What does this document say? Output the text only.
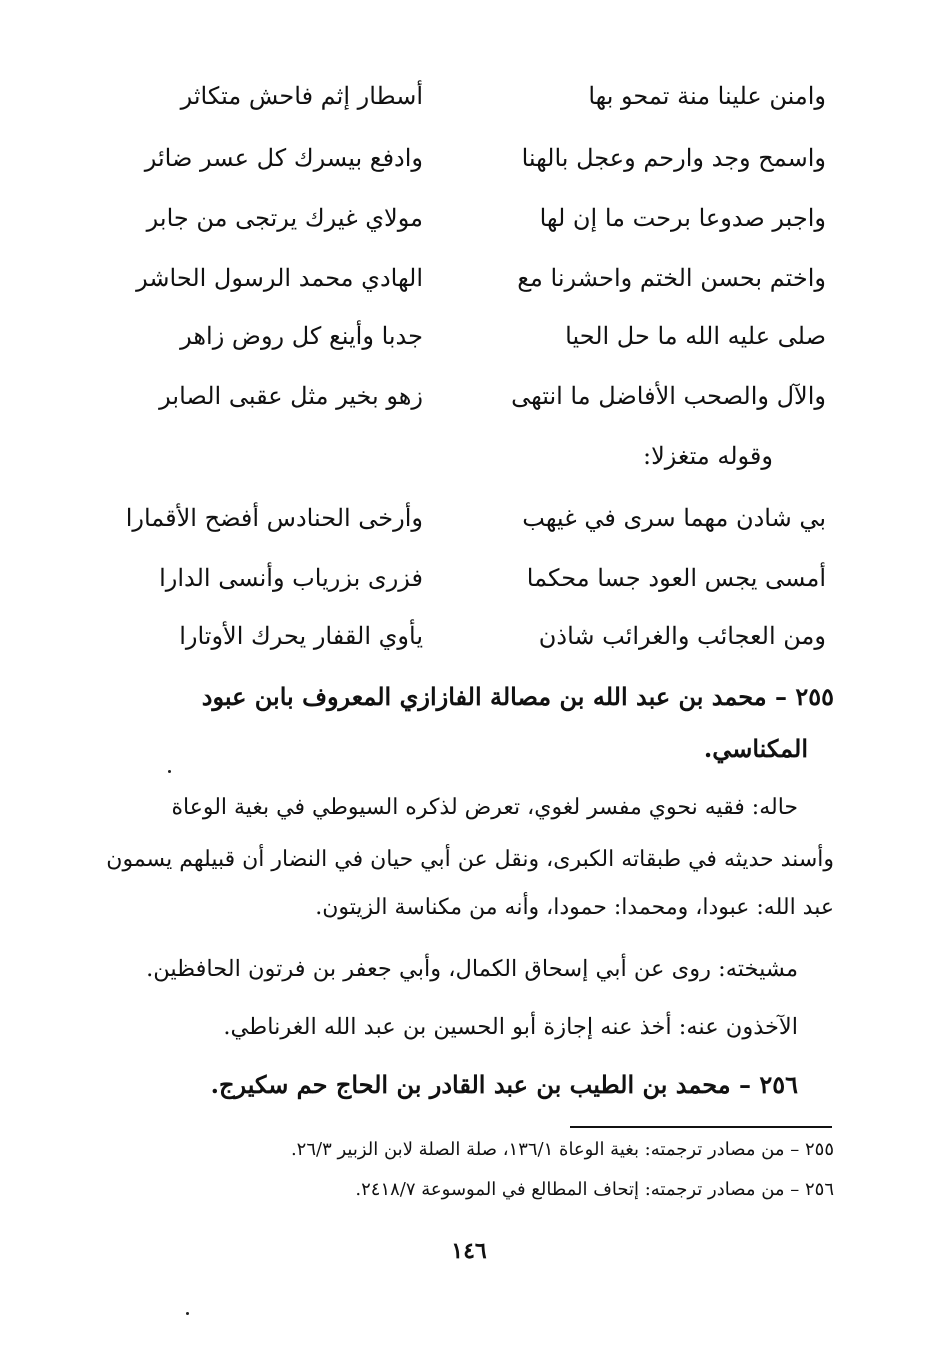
وامنن علينا منة تمحو بها
أسطار إثم فاحش متكاثر
واسمح وجد وارحم وعجل بالهنا
وادفع بيسرك كل عسر ضائر
واجبر صدوعا برحت ما إن لها
مولاي غيرك يرتجى من جابر
واختم بحسن الختم واحشرنا مع
الهادي محمد الرسول الحاشر
صلى عليه الله ما حل الحيا
جدبا وأينع كل روض زاهر
والآل والصحب الأفاضل ما انتهى
زهو بخير مثل عقبى الصابر
وقوله متغزلا:
بي شادن مهما سرى في غيهب
وأرخى الحنادس أفضح الأقمارا
أمسى يجس العود جسا محكما
فزرى بزرياب وأنسى الدارا
ومن العجائب والغرائب شاذن
يأوي القفار يحرك الأوتارا
٢٥٥ – محمد بن عبد الله بن مصالة الفازازي المعروف بابن عبود
المكناسي.
حاله: فقيه نحوي مفسر لغوي، تعرض لذكره السيوطي في بغية الوعاة
وأسند حديثه في طبقاته الكبرى، ونقل عن أبي حيان في النضار أن قبيلهم يسمون
عبد الله: عبودا، ومحمدا: حمودا، وأنه من مكناسة الزيتون.
مشيخته: روى عن أبي إسحاق الكمال، وأبي جعفر بن فرتون الحافظين.
الآخذون عنه: أخذ عنه إجازة أبو الحسين بن عبد الله الغرناطي.
٢٥٦ – محمد بن الطيب بن عبد القادر بن الحاج حم سكيرج.
٢٥٥ – من مصادر ترجمته: بغية الوعاة ١٣٦/١، صلة الصلة لابن الزبير ٢٦/٣.
٢٥٦ – من مصادر ترجمته: إتحاف المطالع في الموسوعة ٢٤١٨/٧.
١٤٦
